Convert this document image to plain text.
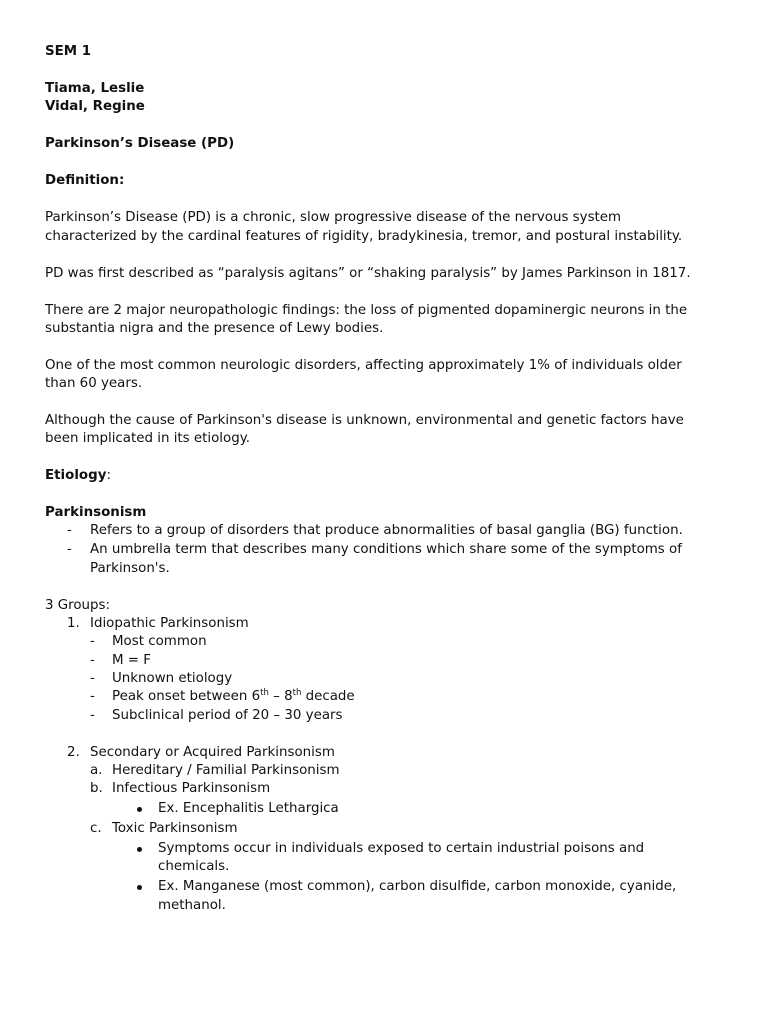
SEM 1
Tiama, Leslie
Vidal, Regine
Parkinson’s Disease (PD)
Definition:
Parkinson’s Disease (PD) is a chronic, slow progressive disease of the nervous system
characterized by the cardinal features of rigidity, bradykinesia, tremor, and postural instability.
PD was first described as “paralysis agitans” or “shaking paralysis” by James Parkinson in 1817.
There are 2 major neuropathologic findings: the loss of pigmented dopaminergic neurons in the
substantia nigra and the presence of Lewy bodies.
One of the most common neurologic disorders, affecting approximately 1% of individuals older
than 60 years.
Although the cause of Parkinson's disease is unknown, environmental and genetic factors have
been implicated in its etiology.
Etiology:
Parkinsonism
- Refers to a group of disorders that produce abnormalities of basal ganglia (BG) function.
- An umbrella term that describes many conditions which share some of the symptoms of
Parkinson's.
3 Groups:
1. Idiopathic Parkinsonism
- Most common
- M = F
- Unknown etiology
- Peak onset between 6th – 8th decade
- Subclinical period of 20 – 30 years
2. Secondary or Acquired Parkinsonism
a. Hereditary / Familial Parkinsonism
b. Infectious Parkinsonism
Ex. Encephalitis Lethargica
c. Toxic Parkinsonism
Symptoms occur in individuals exposed to certain industrial poisons and
chemicals.
Ex. Manganese (most common), carbon disulfide, carbon monoxide, cyanide,
methanol.
